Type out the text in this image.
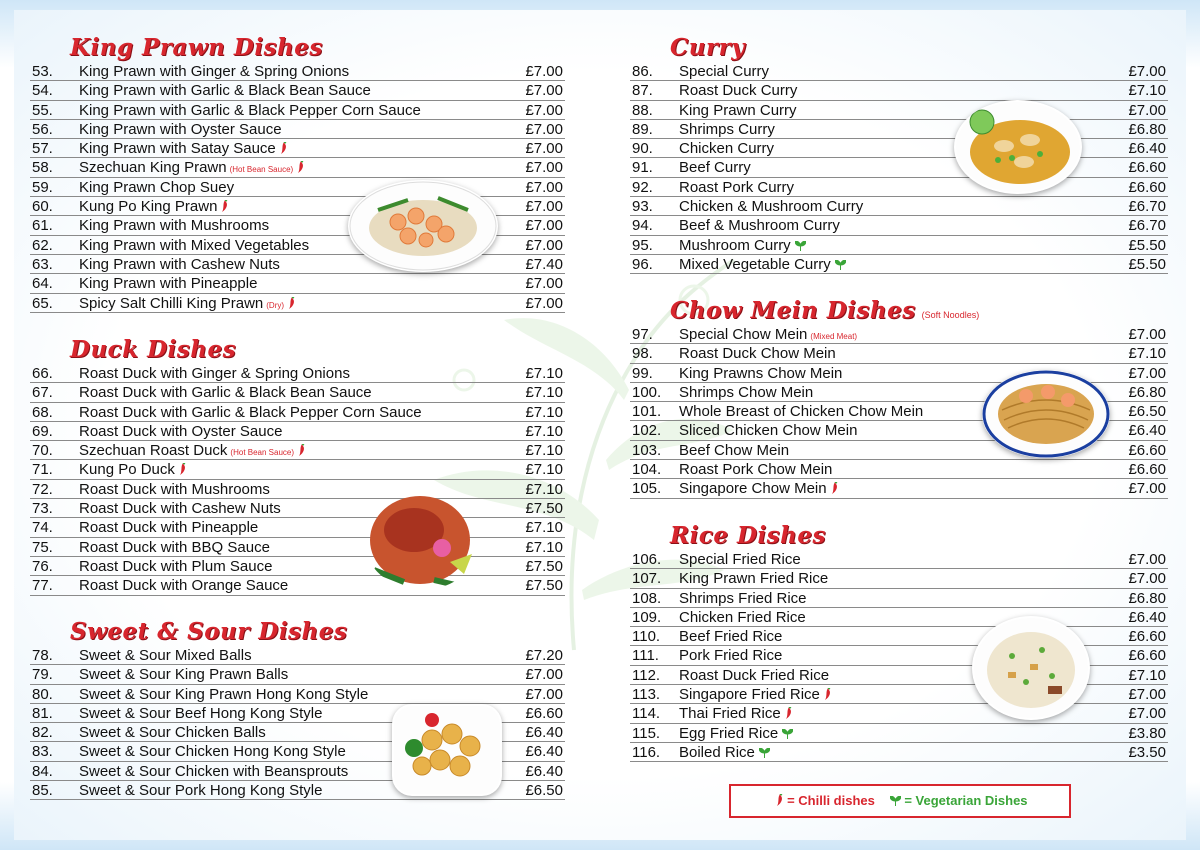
King Prawn Dishes
53. King Prawn with Ginger & Spring Onions	£7.00
54. King Prawn with Garlic & Black Bean Sauce	£7.00
55. King Prawn with Garlic & Black Pepper Corn Sauce	£7.00
56. King Prawn with Oyster Sauce	£7.00
57. King Prawn with Satay Sauce	£7.00
58. Szechuan King Prawn (Hot Bean Sauce)	£7.00
59. King Prawn Chop Suey	£7.00
60. Kung Po King Prawn	£7.00
61. King Prawn with Mushrooms	£7.00
62. King Prawn with Mixed Vegetables	£7.00
63. King Prawn with Cashew Nuts	£7.40
64. King Prawn with Pineapple	£7.00
65. Spicy Salt Chilli King Prawn (Dry)	£7.00
Duck Dishes
66. Roast Duck with Ginger & Spring Onions	£7.10
67. Roast Duck with Garlic & Black Bean Sauce	£7.10
68. Roast Duck with Garlic & Black Pepper Corn Sauce	£7.10
69. Roast Duck with Oyster Sauce	£7.10
70. Szechuan Roast Duck (Hot Bean Sauce)	£7.10
71. Kung Po Duck	£7.10
72. Roast Duck with Mushrooms	£7.10
73. Roast Duck with Cashew Nuts	£7.50
74. Roast Duck with Pineapple	£7.10
75. Roast Duck with BBQ Sauce	£7.10
76. Roast Duck with Plum Sauce	£7.50
77. Roast Duck with Orange Sauce	£7.50
Sweet & Sour Dishes
78. Sweet & Sour Mixed Balls	£7.20
79. Sweet & Sour King Prawn Balls	£7.00
80. Sweet & Sour King Prawn Hong Kong Style	£7.00
81. Sweet & Sour Beef Hong Kong Style	£6.60
82. Sweet & Sour Chicken Balls	£6.40
83. Sweet & Sour Chicken Hong Kong Style	£6.40
84. Sweet & Sour Chicken with Beansprouts	£6.40
85. Sweet & Sour Pork Hong Kong Style	£6.50
Curry
86. Special Curry	£7.00
87. Roast Duck Curry	£7.10
88. King Prawn Curry	£7.00
89. Shrimps Curry	£6.80
90. Chicken Curry	£6.40
91. Beef Curry	£6.60
92. Roast Pork Curry	£6.60
93. Chicken & Mushroom Curry	£6.70
94. Beef & Mushroom Curry	£6.70
95. Mushroom Curry	£5.50
96. Mixed Vegetable Curry	£5.50
Chow Mein Dishes (Soft Noodles)
97. Special Chow Mein (Mixed Meat)	£7.00
98. Roast Duck Chow Mein	£7.10
99. King Prawns Chow Mein	£7.00
100. Shrimps Chow Mein	£6.80
101. Whole Breast of Chicken Chow Mein	£6.50
102. Sliced Chicken Chow Mein	£6.40
103. Beef Chow Mein	£6.60
104. Roast Pork Chow Mein	£6.60
105. Singapore Chow Mein	£7.00
Rice Dishes
106. Special Fried Rice	£7.00
107. King Prawn Fried Rice	£7.00
108. Shrimps Fried Rice	£6.80
109. Chicken Fried Rice	£6.40
110. Beef Fried Rice	£6.60
111. Pork Fried Rice	£6.60
112. Roast Duck Fried Rice	£7.10
113. Singapore Fried Rice	£7.00
114. Thai Fried Rice	£7.00
115. Egg Fried Rice	£3.80
116. Boiled Rice	£3.50
= Chilli dishes = Vegetarian Dishes
